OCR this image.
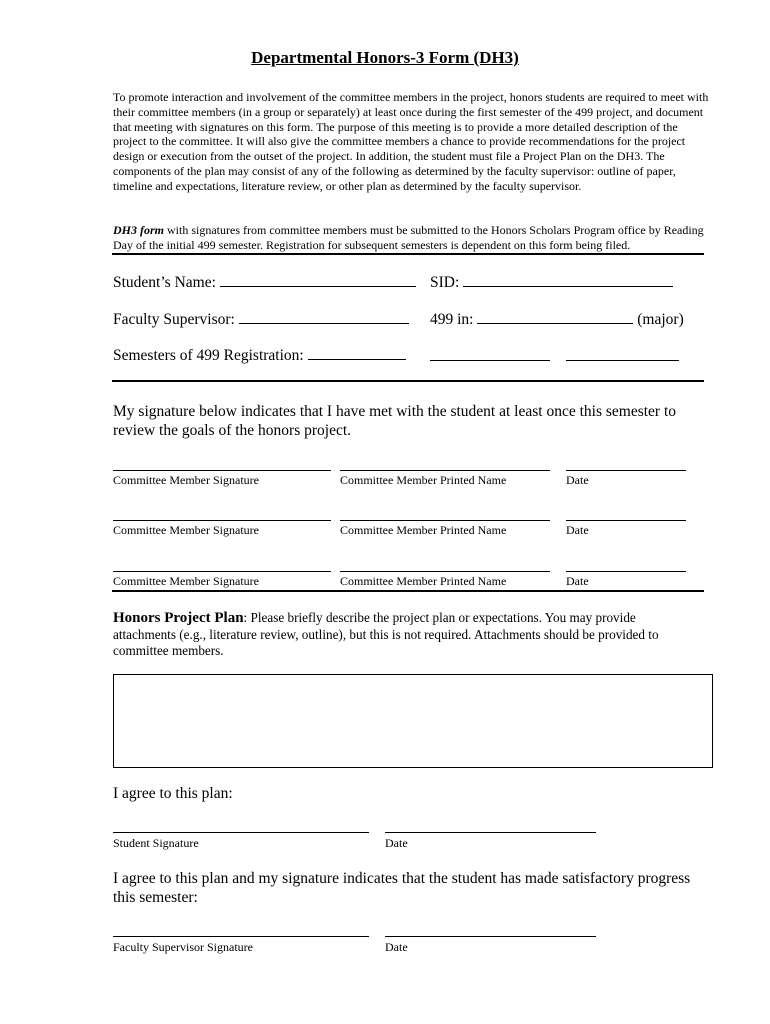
Departmental Honors-3 Form (DH3)

To promote interaction and involvement of the committee members in the project, honors students are required to meet with their committee members (in a group or separately) at least once during the first semester of the 499 project, and document that meeting with signatures on this form. The purpose of this meeting is to provide a more detailed description of the project to the committee. It will also give the committee members a chance to provide recommendations for the project design or execution from the outset of the project. In addition, the student must file a Project Plan on the DH3. The components of the plan may consist of any of the following as determined by the faculty supervisor: outline of paper, timeline and expectations, literature review, or other plan as determined by the faculty supervisor.

DH3 form with signatures from committee members must be submitted to the Honors Scholars Program office by Reading Day of the initial 499 semester. Registration for subsequent semesters is dependent on this form being filed.

Student’s Name:	SID:
Faculty Supervisor:	499 in:	(major)
Semesters of 499 Registration:

My signature below indicates that I have met with the student at least once this semester to review the goals of the honors project.

Committee Member Signature	Committee Member Printed Name	Date
Committee Member Signature	Committee Member Printed Name	Date
Committee Member Signature	Committee Member Printed Name	Date

Honors Project Plan: Please briefly describe the project plan or expectations. You may provide attachments (e.g., literature review, outline), but this is not required. Attachments should be provided to committee members.

I agree to this plan:

Student Signature	Date

I agree to this plan and my signature indicates that the student has made satisfactory progress this semester:

Faculty Supervisor Signature	Date
